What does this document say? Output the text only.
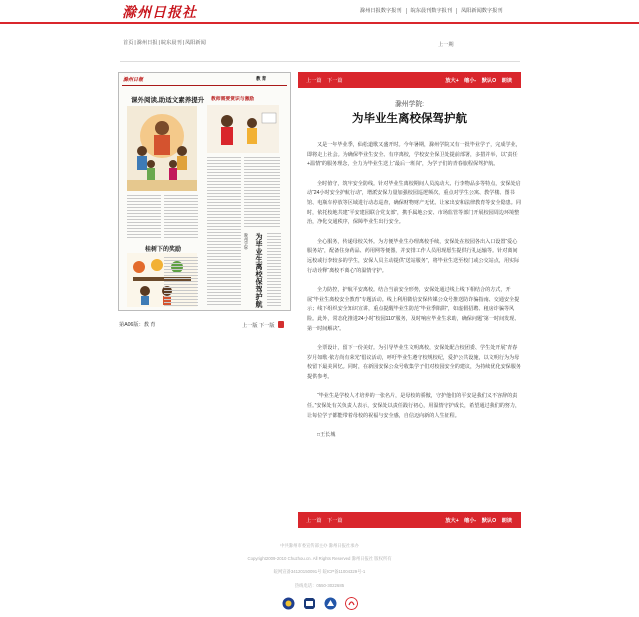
滁州日报社	滁州日报数字报刊	皖东晨刊数字报刊	凤阳新闻数字报刊
首页|滁州日报|皖东晨刊|凤阳新闻	上一期
滁州日報	教 育
课外阅读,助适文素养提升 教师需要赏识与激励
滁州学院: 为毕业生离校保驾护航
桂树下的奖励
第A06版：教 育	上一版 下一版
上一篇 下一篇	放大+ 缩小- 默认O 朗读
滁州学院:
为毕业生离校保驾护航

又是一年毕业季，仙松道歌又盛开时。今年暑期，滁州学院又有一批毕业学子，完成学业，即将走上社会。为确保毕业生安全、有序离校，学校安全保卫处提前部署，多措并举，以“责任+温情”的服务理念，全力为毕业生送上“最后一班岗”，为学子们的青春旅程保驾护航。

全时值守，筑牢安全防线。针对毕业生离校期间人员流动大、行李物品多等特点，安保处启动“24小时安全护航行动”，增派安保力量加强校园巡逻频次，重点对学生公寓、教学楼、图书馆、电瓶车停放等区域进行动态巡查，确保财物财产无忧。让家出安和法律教育等安全隐患。同时，依托校地共建“平安建园联合党支部”，携手属地公安、市场监管等部门开展校园周边环境整治，净化交通秩序，保障毕业生出行安全。

全心服务，传递母校关怀。为方便毕业生办理离校手续，安保处在校园各出入口设置“爱心服务站”，配备住身药品、药用网等便器，并安排工作人员用现愿生提供行礼运输等。针对离间远校或行李较多的学生，安保人员主动提供“送站服务”，将毕业生送至校门或公交站点，用实际行动诠释“离校不离心”的温情守护。

全力防控，护航平安离校。结合当前安全形势，安保处通过线上线下相结合的方式，开展“毕业生离校安全教育”专题活动。线上利用微信安保传媒公众号推送防诈骗指南、交通安全提示；线下组织安全知识宣讲，重点提醒毕业生防范“毕业季陷阱”，如虚假招聘、租房诈骗等风险。此外，常态化推进24小时“校园110”服务，及时响应毕业生求助，确保问题“第一时间发现、第一时间解决”。

全票设计，留下一份美好。为引导毕业生文明离校，安保处配合校团委、学生处开展“青春岁月如歌·依方尚有荣光”倡议活动，呼吁毕业生遵守校规校纪，爱护公共设施，以文明行为为母校留下最美回忆。同时，在新园安保公众号收集学子们对校园安全的建议，为持续优化安保服务提供参考。

“毕业生是学校人才培养的一张名片，是母校的骄傲，守护他们的平安是我们义不容辞的责任。”安保处有关负责人表示，安保处以责任践行初心，用温情守护成长，希望通过我们的努力，让每位学子都能带着母校的祝福与安全感，自信迈向新的人生征程。

□王长城

上一篇 下一篇	放大+ 缩小- 默认O 朗读
中共滁州市委宣传部主办 滁州日报社承办
Copyright2009-2010 Chuzhou.cn. All Rights Reserved 滁州日报社 版权所有
皖网宣备34120150091号 皖ICP备11004329号-1
热线电话：0550-3022685
